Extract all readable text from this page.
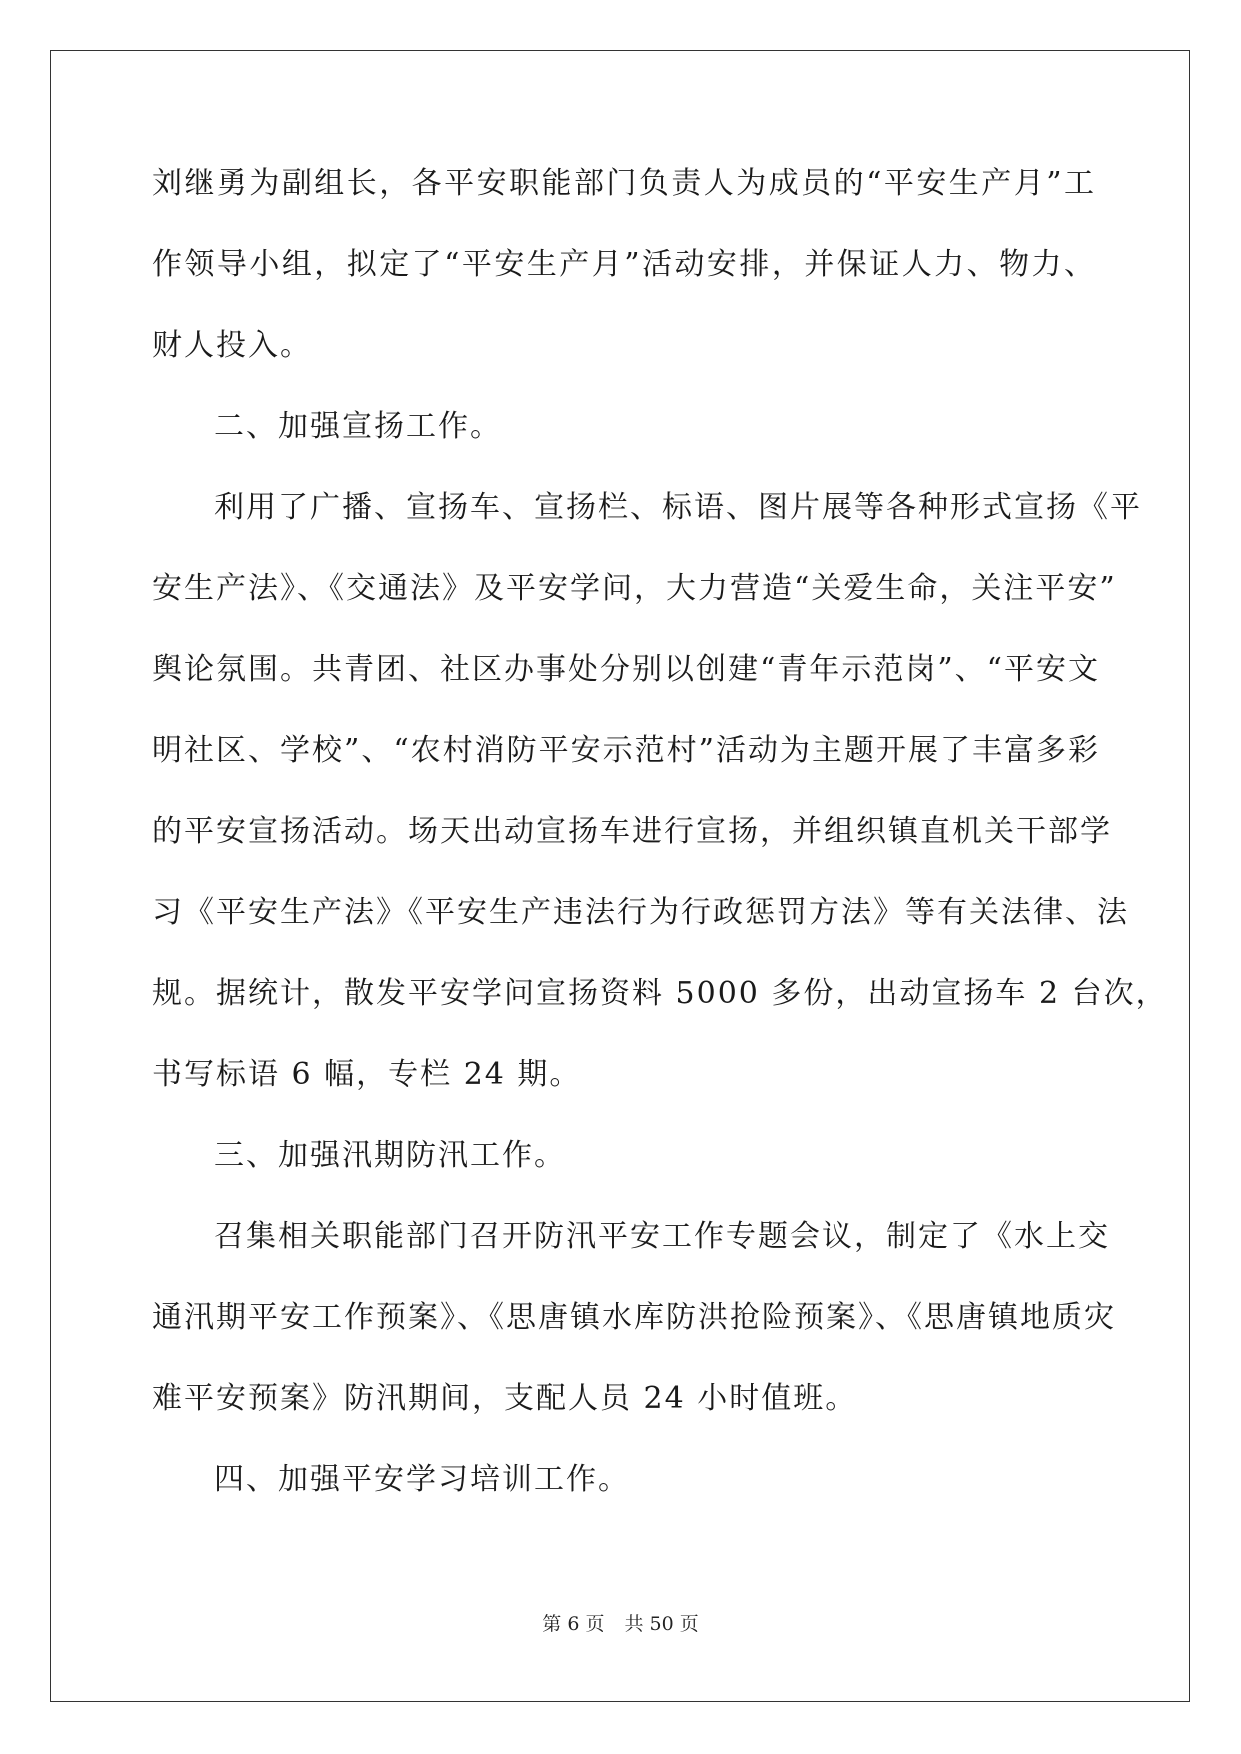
刘继勇为副组长，各平安职能部门负责人为成员的“平安生产月”工
作领导小组，拟定了“平安生产月”活动安排，并保证人力、物力、
财人投入。
二、加强宣扬工作。
利用了广播、宣扬车、宣扬栏、标语、图片展等各种形式宣扬《平
安生产法》、《交通法》及平安学问，大力营造“关爱生命，关注平安”
舆论氛围。共青团、社区办事处分别以创建“青年示范岗”、“平安文
明社区、学校”、“农村消防平安示范村”活动为主题开展了丰富多彩
的平安宣扬活动。场天出动宣扬车进行宣扬，并组织镇直机关干部学
习《平安生产法》《平安生产违法行为行政惩罚方法》等有关法律、法
规。据统计，散发平安学问宣扬资料 5000 多份，出动宣扬车 2 台次，
书写标语 6 幅，专栏 24 期。
三、加强汛期防汛工作。
召集相关职能部门召开防汛平安工作专题会议，制定了《水上交
通汛期平安工作预案》、《思唐镇水库防洪抢险预案》、《思唐镇地质灾
难平安预案》防汛期间，支配人员 24 小时值班。
四、加强平安学习培训工作。
第 6 页 共 50 页
